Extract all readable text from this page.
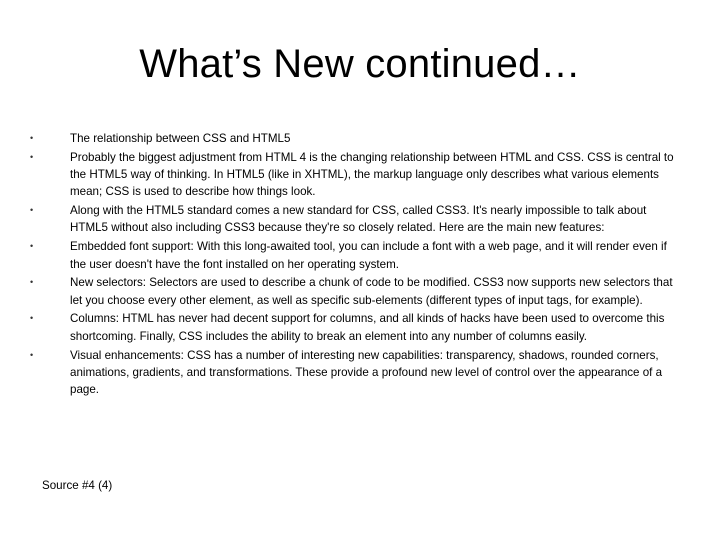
What’s New continued…
•	The relationship between CSS and HTML5
•	Probably the biggest adjustment from HTML 4 is the changing relationship between HTML and CSS. CSS is central to the HTML5 way of thinking. In HTML5 (like in XHTML), the markup language only describes what various elements mean; CSS is used to describe how things look.
•	Along with the HTML5 standard comes a new standard for CSS, called CSS3. It's nearly impossible to talk about HTML5 without also including CSS3 because they're so closely related. Here are the main new features:
•	Embedded font support: With this long-awaited tool, you can include a font with a web page, and it will render even if the user doesn't have the font installed on her operating system.
•	New selectors: Selectors are used to describe a chunk of code to be modified. CSS3 now supports new selectors that let you choose every other element, as well as specific sub-elements (different types of input tags, for example).
•	Columns: HTML has never had decent support for columns, and all kinds of hacks have been used to overcome this shortcoming. Finally, CSS includes the ability to break an element into any number of columns easily.
•	Visual enhancements: CSS has a number of interesting new capabilities: transparency, shadows, rounded corners, animations, gradients, and transformations. These provide a profound new level of control over the appearance of a page.

Source #4 (4)
